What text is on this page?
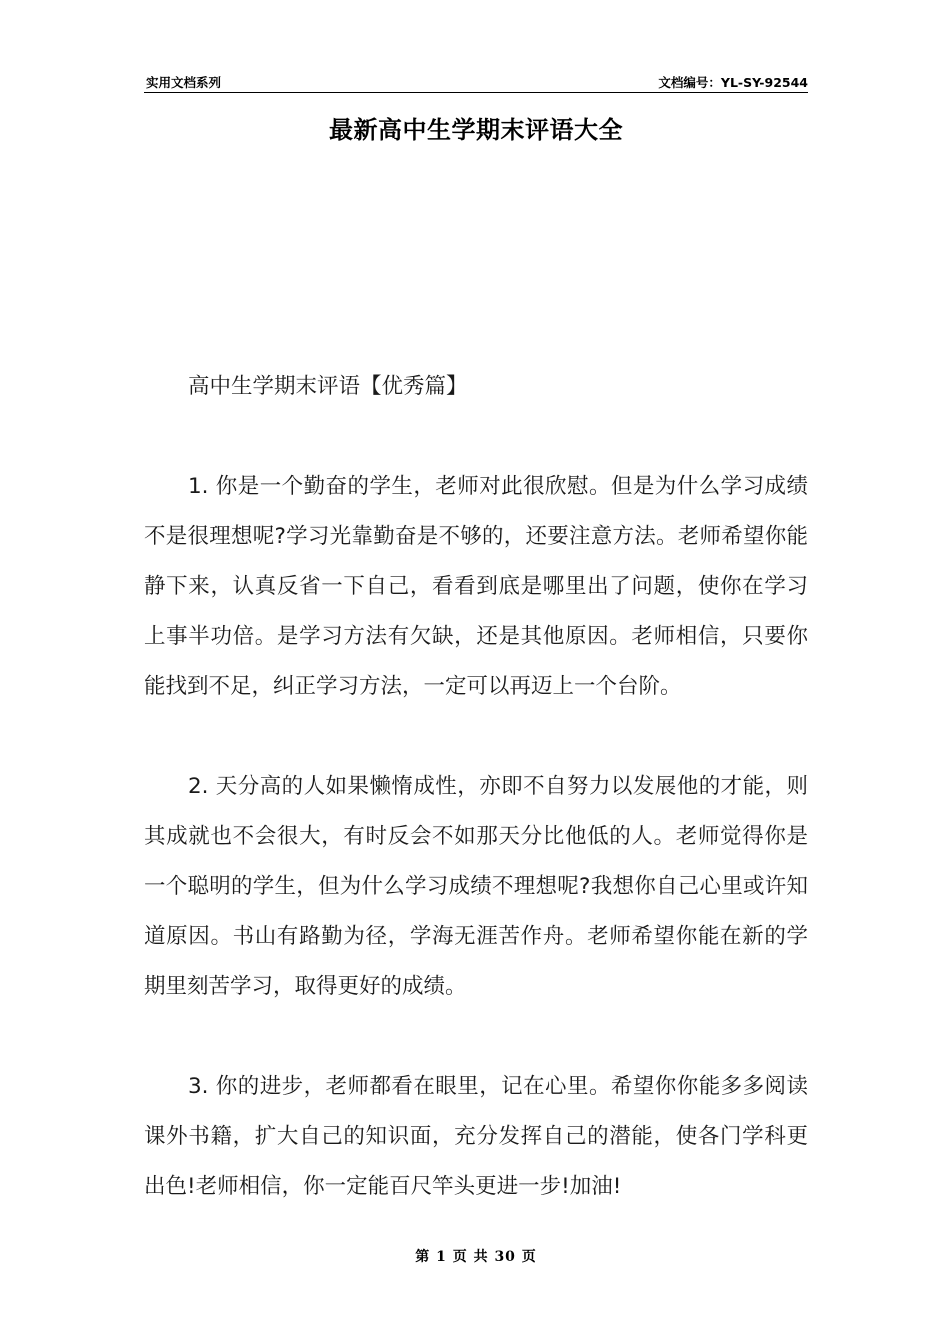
实用文档系列	文档编号：YL-SY-92544
最新高中生学期末评语大全

高中生学期末评语【优秀篇】

1. 你是一个勤奋的学生，老师对此很欣慰。但是为什么学习成绩不是很理想呢?学习光靠勤奋是不够的，还要注意方法。老师希望你能静下来，认真反省一下自己，看看到底是哪里出了问题，使你在学习上事半功倍。是学习方法有欠缺，还是其他原因。老师相信，只要你能找到不足，纠正学习方法，一定可以再迈上一个台阶。

2. 天分高的人如果懒惰成性，亦即不自努力以发展他的才能，则其成就也不会很大，有时反会不如那天分比他低的人。老师觉得你是一个聪明的学生，但为什么学习成绩不理想呢?我想你自己心里或许知道原因。书山有路勤为径，学海无涯苦作舟。老师希望你能在新的学期里刻苦学习，取得更好的成绩。

3. 你的进步，老师都看在眼里，记在心里。希望你你能多多阅读课外书籍，扩大自己的知识面，充分发挥自己的潜能，使各门学科更出色!老师相信，你一定能百尺竿头更进一步!加油!

第 1 页 共 30 页
